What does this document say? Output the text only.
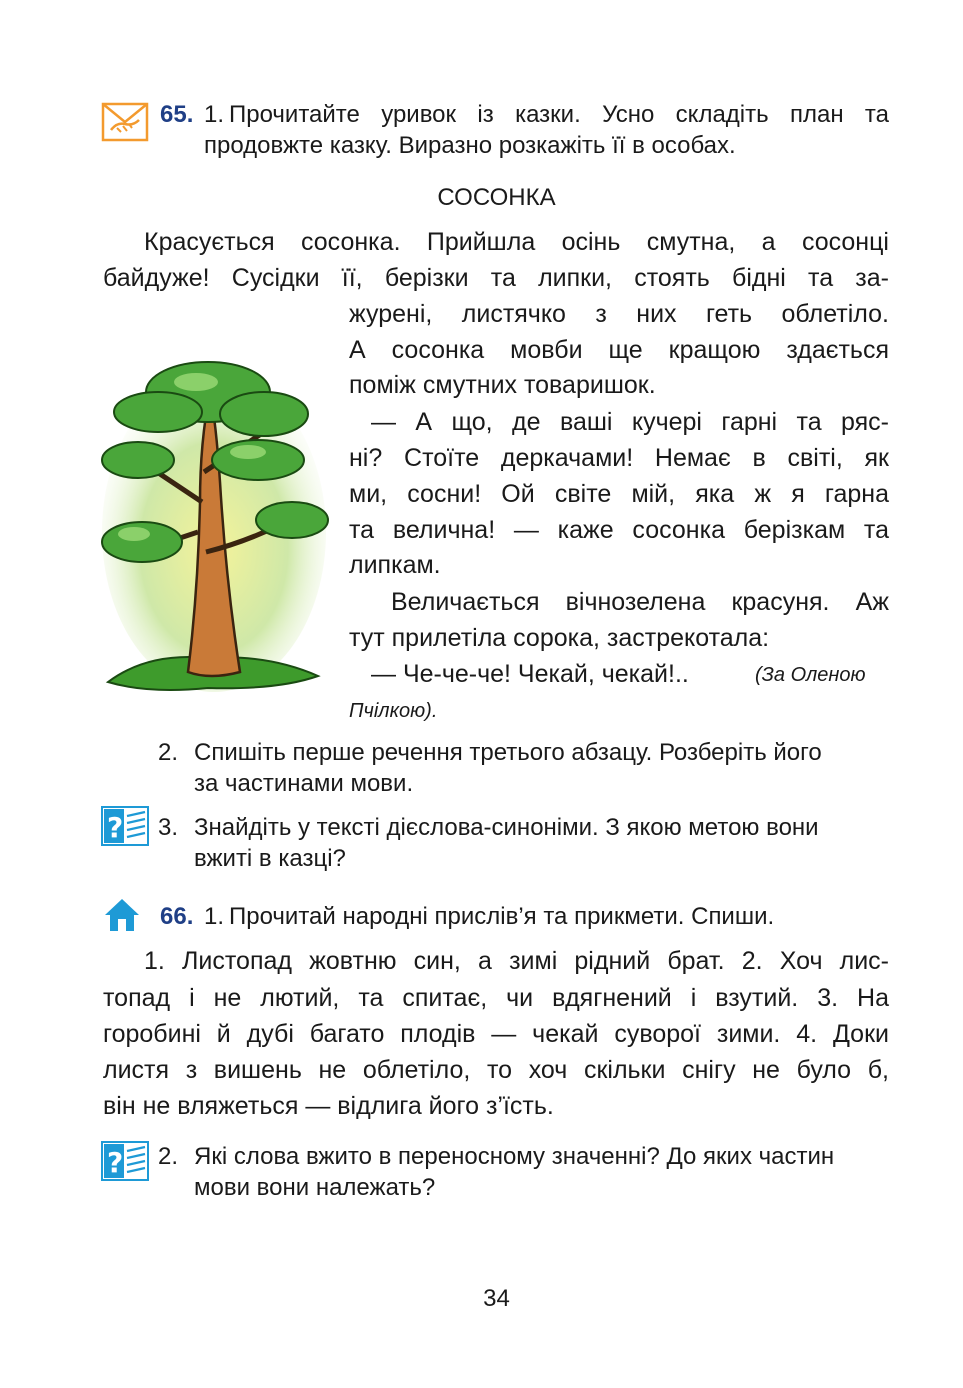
65. 1. Прочитайте уривок із казки. Усно складіть план та
продовжте казку. Виразно розкажіть її в особах.
СОСОНКА
Красується сосонка. Прийшла осінь смутна, а сосонці
байдуже! Сусідки її, берізки та липки, стоять бідні та за-
журені, листячко з них геть облетіло.
А сосонка мовби ще кращою здається
поміж смутних товаришок.
— А що, де ваші кучері гарні та ряс-
ні? Стоїте деркачами! Немає в світі, як
ми, сосни! Ой світе мій, яка ж я гарна
та велична! — каже сосонка берізкам та
липкам.
Величається вічнозелена красуня. Аж
тут прилетіла сорока, застрекотала:
— Че-че-че! Чекай, чекай!..	(За Оленою
Пчілкою).
2. Спишіть перше речення третього абзацу. Розберіть його
за частинами мови.
? 3. Знайдіть у тексті дієслова-синоніми. З якою метою вони
вжиті в казці?
66. 1. Прочитай народні прислів’я та прикмети. Спиши.
1. Листопад жовтню син, а зимі рідний брат. 2. Хоч лис-
топад і не лютий, та спитає, чи вдягнений і взутий. 3. На
горобині й дубі багато плодів — чекай суворої зими. 4. Доки
листя з вишень не облетіло, то хоч скільки снігу не було б,
він не вляжеться — відлига його з’їсть.
? 2. Які слова вжито в переносному значенні? До яких частин
мови вони належать?
34
